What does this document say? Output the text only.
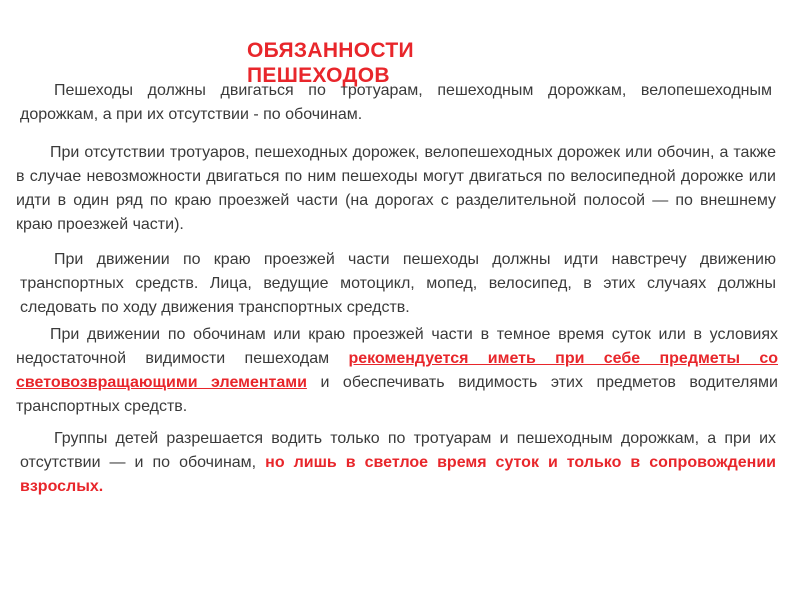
ОБЯЗАННОСТИ
ПЕШЕХОДОВ
Пешеходы должны двигаться по тротуарам, пешеходным дорожкам, велопешеходным дорожкам, а при их отсутствии - по обочинам.
При отсутствии тротуаров, пешеходных дорожек, велопешеходных дорожек или обочин, а также в случае невозможности двигаться по ним пешеходы могут двигаться по велосипедной дорожке или идти в один ряд по краю проезжей части (на дорогах с разделительной полосой — по внешнему краю проезжей части).
При движении по краю проезжей части пешеходы должны идти навстречу движению транспортных средств. Лица, ведущие мотоцикл, мопед, велосипед, в этих случаях должны следовать по ходу движения транспортных средств.
При движении по обочинам или краю проезжей части в темное время суток или в условиях недостаточной видимости пешеходам рекомендуется иметь при себе предметы со световозвращающими элементами и обеспечивать видимость этих предметов водителями транспортных средств.
Группы детей разрешается водить только по тротуарам и пешеходным дорожкам, а при их отсутствии — и по обочинам, но лишь в светлое время суток и только в сопровождении взрослых.
